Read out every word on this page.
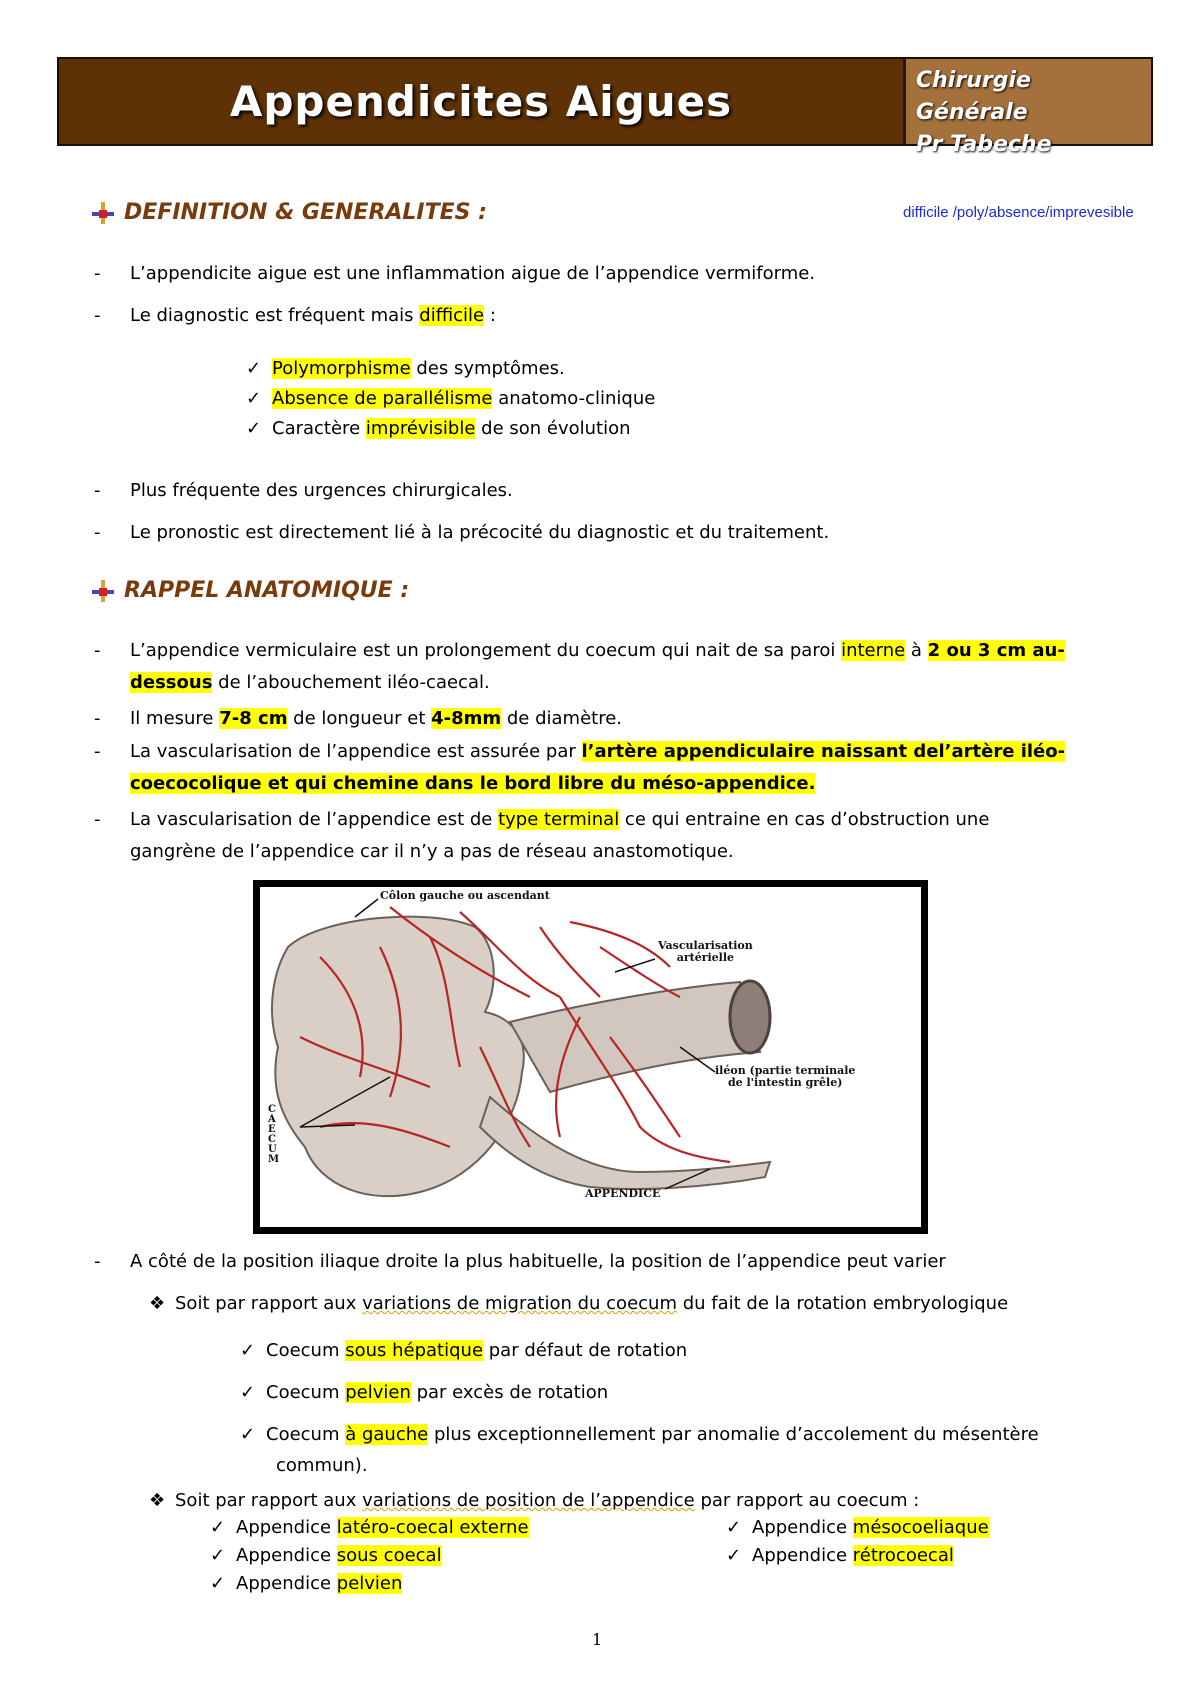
Appendicites Aigues	Chirurgie Générale
Pr Tabeche
DEFINITION & GENERALITES :	difficile /poly/absence/imprevesible
- L’appendicite aigue est une inflammation aigue de l’appendice vermiforme.
- Le diagnostic est fréquent mais difficile :
✓ Polymorphisme des symptômes.
✓ Absence de parallélisme anatomo-clinique
✓ Caractère imprévisible de son évolution
- Plus fréquente des urgences chirurgicales.
- Le pronostic est directement lié à la précocité du diagnostic et du traitement.
RAPPEL ANATOMIQUE :
- L’appendice vermiculaire est un prolongement du coecum qui nait de sa paroi interne à 2 ou 3 cm au-
dessous de l’abouchement iléo-caecal.
- Il mesure 7-8 cm de longueur et 4-8mm de diamètre.
- La vascularisation de l’appendice est assurée par l’artère appendiculaire naissant del’artère iléo-
coecocolique et qui chemine dans le bord libre du méso-appendice.
- La vascularisation de l’appendice est de type terminal ce qui entraine en cas d’obstruction une
gangrène de l’appendice car il n’y a pas de réseau anastomotique.
Côlon gauche ou ascendant
Vascularisation
artérielle
iléon (partie terminale
de l'intestin grêle)
CAECUM
APPENDICE
- A côté de la position iliaque droite la plus habituelle, la position de l’appendice peut varier
❖ Soit par rapport aux variations de migration du coecum du fait de la rotation embryologique
✓ Coecum sous hépatique par défaut de rotation
✓ Coecum pelvien par excès de rotation
✓ Coecum à gauche plus exceptionnellement par anomalie d’accolement du mésentère
commun).
❖ Soit par rapport aux variations de position de l’appendice par rapport au coecum :
✓ Appendice latéro-coecal externe
✓ Appendice sous coecal
✓ Appendice pelvien
✓ Appendice mésocoeliaque
✓ Appendice rétrocoecal
1
